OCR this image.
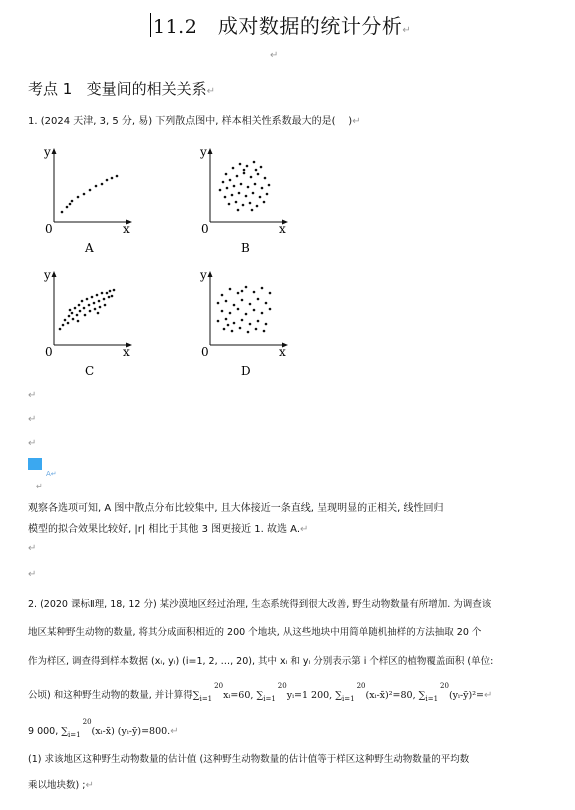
11.2 成对数据的统计分析↵
↵
考点 1 变量间的相关关系↵
1. (2024 天津, 3, 5 分, 易) 下列散点图中, 样本相关性系数最大的是( )↵
y
x
0
A
y
x
0
B
y
x
0
C
y
x
0
D
↵
↵
↵
A↵
↵
观察各选项可知, A 图中散点分布比较集中, 且大体接近一条直线, 呈现明显的正相关, 线性回归
模型的拟合效果比较好, |r| 相比于其他 3 图更接近 1. 故选 A.↵
↵
↵
2. (2020 课标Ⅱ理, 18, 12 分) 某沙漠地区经过治理, 生态系统得到很大改善, 野生动物数量有所增加. 为调查该
地区某种野生动物的数量, 将其分成面积相近的 200 个地块, 从这些地块中用简单随机抽样的方法抽取 20 个
作为样区, 调查得到样本数据 (xᵢ, yᵢ) (i=1, 2, …, 20), 其中 xᵢ 和 yᵢ 分别表示第 i 个样区的植物覆盖面积 (单位:
公顷) 和这种野生动物的数量, 并计算得$\sum_{i=1}^{20}xᵢ=60$, $\sum_{i=1}^{20}yᵢ=1$ 200, $\sum_{i=1}^{20}(xᵢ-x̄)^2=80$, $\sum_{i=1}^{20}(yᵢ-ȳ)^2=↵$
9 000, $\sum_{i=1}^{20}(xᵢ-x̄)$ (yᵢ-ȳ)=800.↵
(1) 求该地区这种野生动物数量的估计值 (这种野生动物数量的估计值等于样区这种野生动物数量的平均数
乘以地块数) ;↵
